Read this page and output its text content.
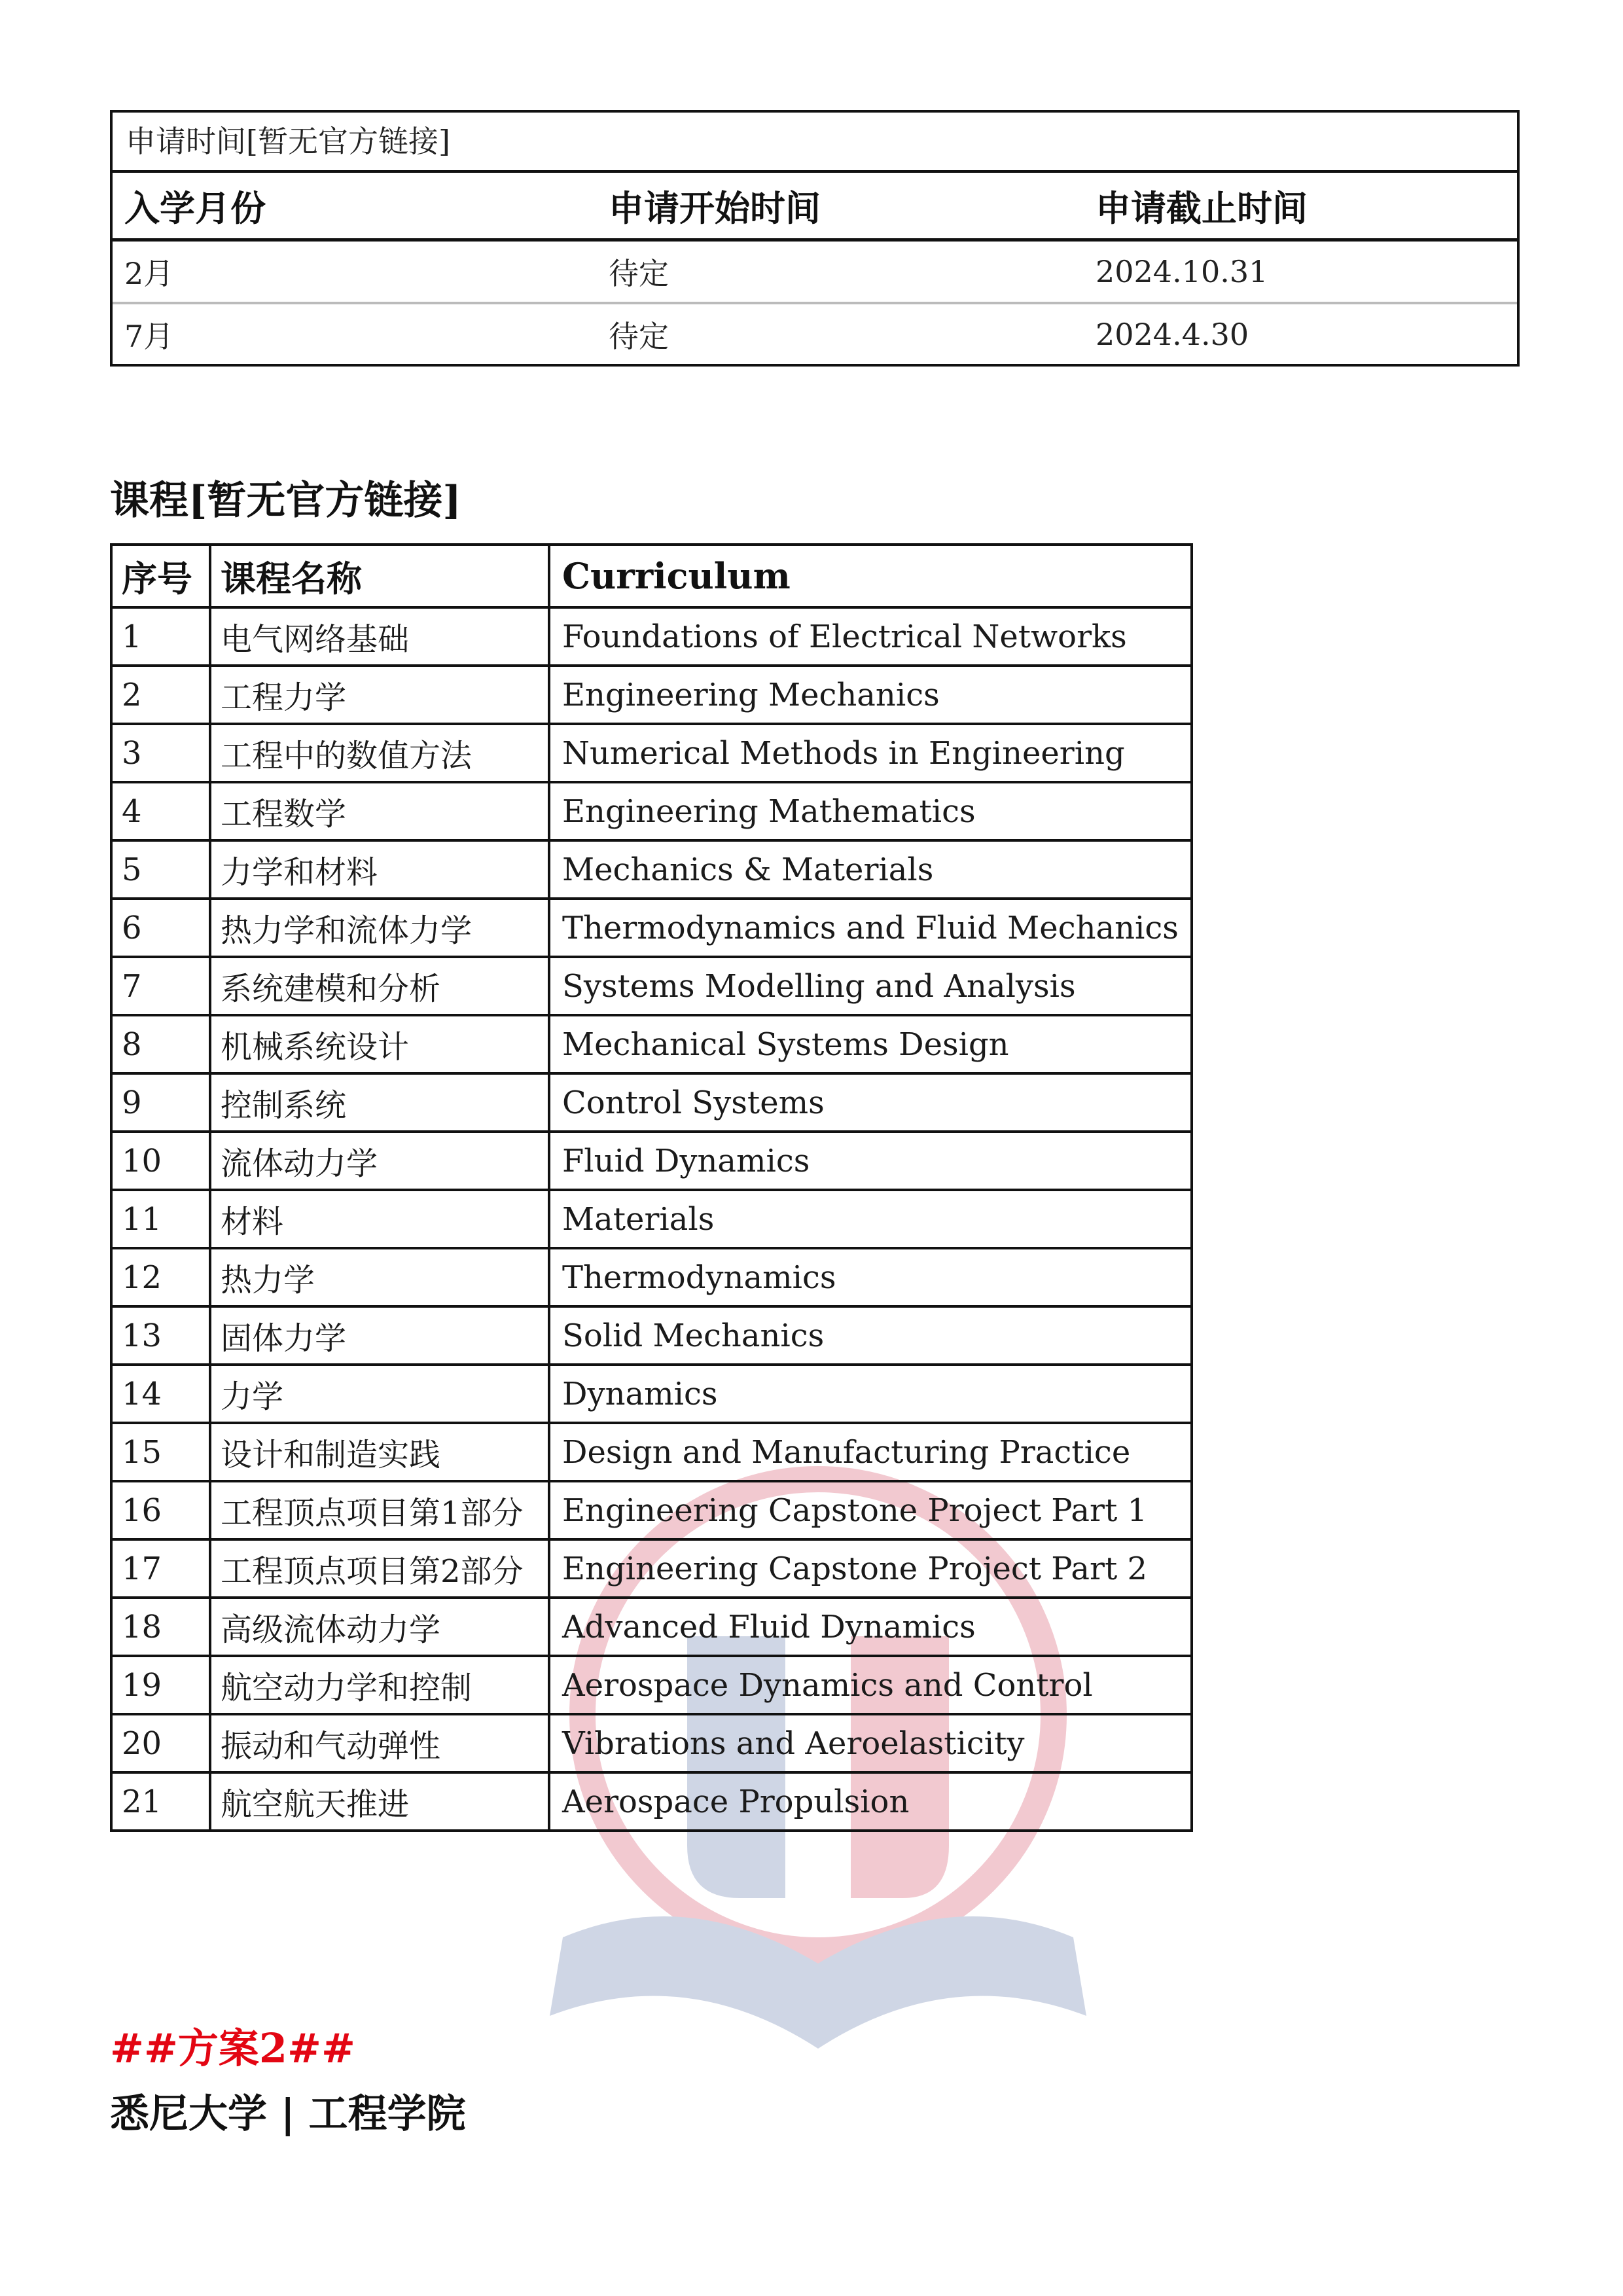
申请时间[暂无官方链接]
入学月份	申请开始时间	申请截止时间
2月	待定	2024.10.31
7月	待定	2024.4.30
课程[暂无官方链接]
序号	课程名称	Curriculum
1	电气网络基础	Foundations of Electrical Networks
2	工程力学	Engineering Mechanics
3	工程中的数值方法	Numerical Methods in Engineering
4	工程数学	Engineering Mathematics
5	力学和材料	Mechanics & Materials
6	热力学和流体力学	Thermodynamics and Fluid Mechanics
7	系统建模和分析	Systems Modelling and Analysis
8	机械系统设计	Mechanical Systems Design
9	控制系统	Control Systems
10	流体动力学	Fluid Dynamics
11	材料	Materials
12	热力学	Thermodynamics
13	固体力学	Solid Mechanics
14	力学	Dynamics
15	设计和制造实践	Design and Manufacturing Practice
16	工程顶点项目第1部分	Engineering Capstone Project Part 1
17	工程顶点项目第2部分	Engineering Capstone Project Part 2
18	高级流体动力学	Advanced Fluid Dynamics
19	航空动力学和控制	Aerospace Dynamics and Control
20	振动和气动弹性	Vibrations and Aeroelasticity
21	航空航天推进	Aerospace Propulsion
##方案2##
悉尼大学 | 工程学院
